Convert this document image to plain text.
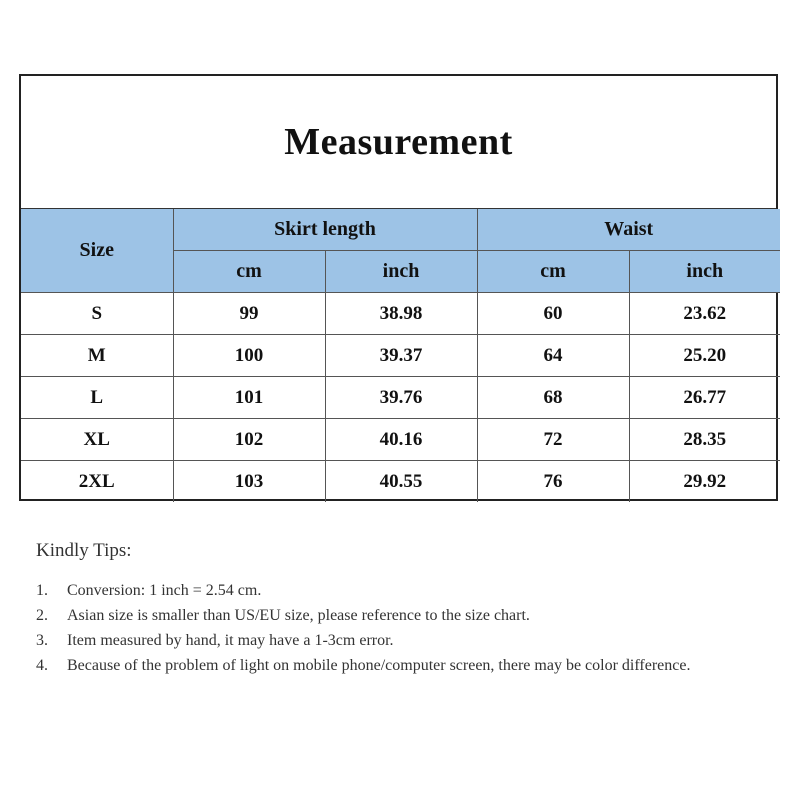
Measurement
Size	Skirt length		Waist	
	cm	inch	cm	inch
S	99	38.98	60	23.62
M	100	39.37	64	25.20
L	101	39.76	68	26.77
XL	102	40.16	72	28.35
2XL	103	40.55	76	29.92
Kindly Tips:
1.	Conversion: 1 inch = 2.54 cm.
2.	Asian size is smaller than US/EU size, please reference to the size chart.
3.	Item measured by hand, it may have a 1-3cm error.
4.	Because of the problem of light on mobile phone/computer screen, there may be color difference.
